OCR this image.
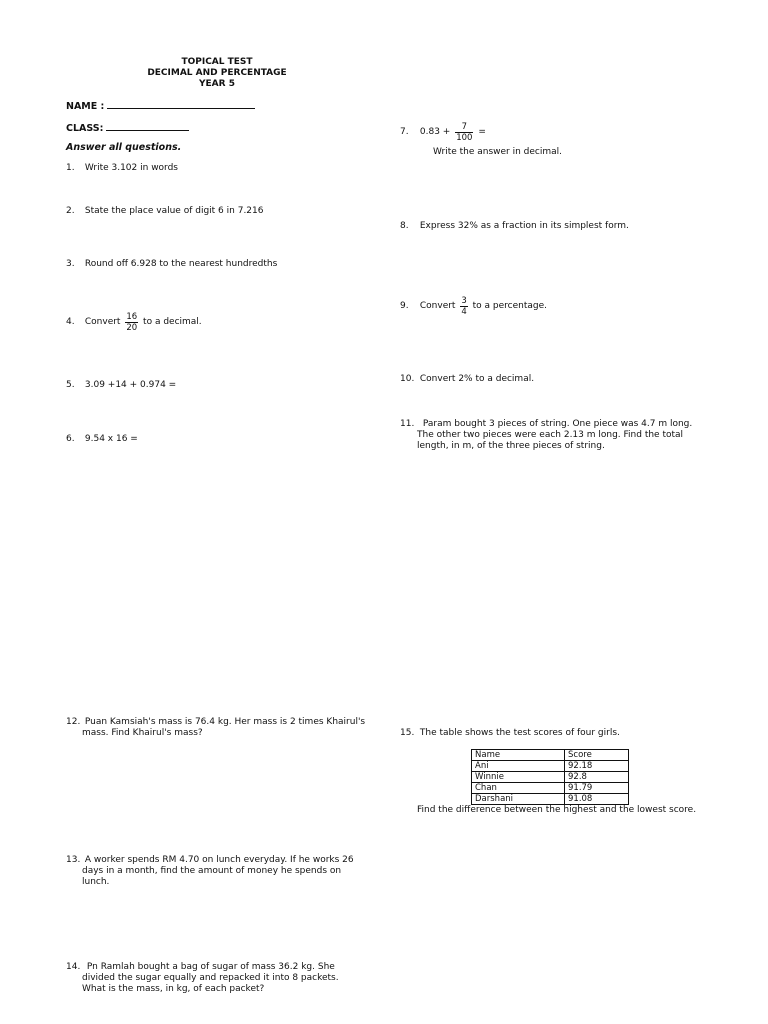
TOPICAL TEST
DECIMAL AND PERCENTAGE
YEAR 5
NAME :
CLASS:
Answer all questions.
1. Write 3.102 in words
2. State the place value of digit 6 in 7.216
3. Round off 6.928 to the nearest hundredths
4. Convert $\frac{16}{20}$ to a decimal.
5. 3.09 +14 + 0.974 =
6. 9.54 x 16 =
12. Puan Kamsiah's mass is 76.4 kg. Her mass is 2 times Khairul's
mass. Find Khairul's mass?
13. A worker spends RM 4.70 on lunch everyday. If he works 26
days in a month, find the amount of money he spends on
lunch.
14. Pn Ramlah bought a bag of sugar of mass 36.2 kg. She
divided the sugar equally and repacked it into 8 packets.
What is the mass, in kg, of each packet?
7. $0.83 + \frac{7}{100}$ =
Write the answer in decimal.
8. Express 32% as a fraction in its simplest form.
9. Convert $\frac{3}{4}$ to a percentage.
10. Convert 2% to a decimal.
11. Param bought 3 pieces of string. One piece was 4.7 m long.
The other two pieces were each 2.13 m long. Find the total
length, in m, of the three pieces of string.
15. The table shows the test scores of four girls.
Name	Score
Ani	92.18
Winnie	92.8
Chan	91.79
Darshani	91.08
Find the difference between the highest and the lowest score.
